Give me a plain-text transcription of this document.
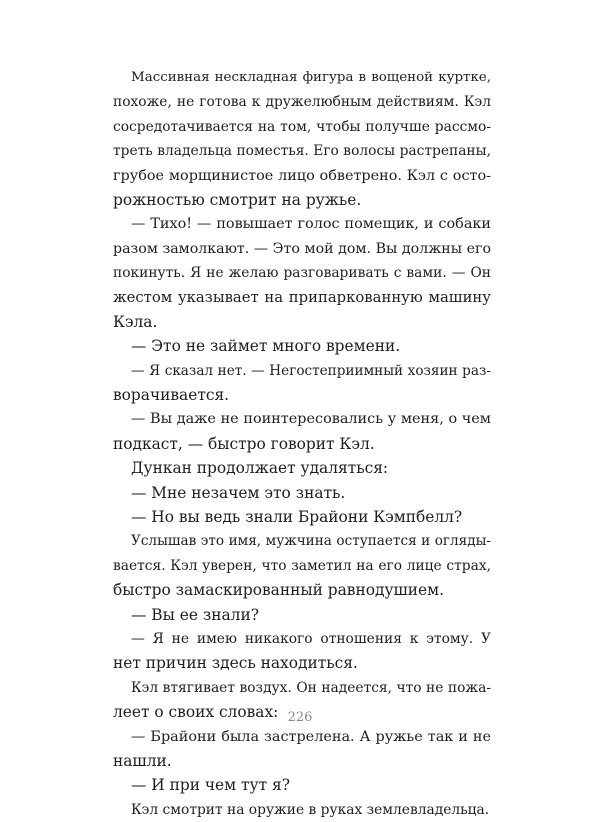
Массивная нескладная фигура в вощеной куртке,
похоже, не готова к дружелюбным действиям. Кэл
сосредотачивается на том, чтобы получше рассмо-
треть владельца поместья. Его волосы растрепаны,
грубое морщинистое лицо обветрено. Кэл с осто-
рожностью смотрит на ружье.
— Тихо! — повышает голос помещик, и собаки
разом замолкают. — Это мой дом. Вы должны его
покинуть. Я не желаю разговаривать с вами. — Он
жестом указывает на припаркованную машину
Кэла.
— Это не займет много времени.
— Я сказал нет. — Негостеприимный хозяин раз-
ворачивается.
— Вы даже не поинтересовались у меня, о чем
подкаст, — быстро говорит Кэл.
Дункан продолжает удаляться:
— Мне незачем это знать.
— Но вы ведь знали Брайони Кэмпбелл?
Услышав это имя, мужчина оступается и огляды-
вается. Кэл уверен, что заметил на его лице страх,
быстро замаскированный равнодушием.
— Вы ее знали?
— Я не имею никакого отношения к этому. У
нет причин здесь находиться.
Кэл втягивает воздух. Он надеется, что не пожа-
леет о своих словах:
— Брайони была застрелена. А ружье так и не
нашли.
— И при чем тут я?
Кэл смотрит на оружие в руках землевладельца.
226
